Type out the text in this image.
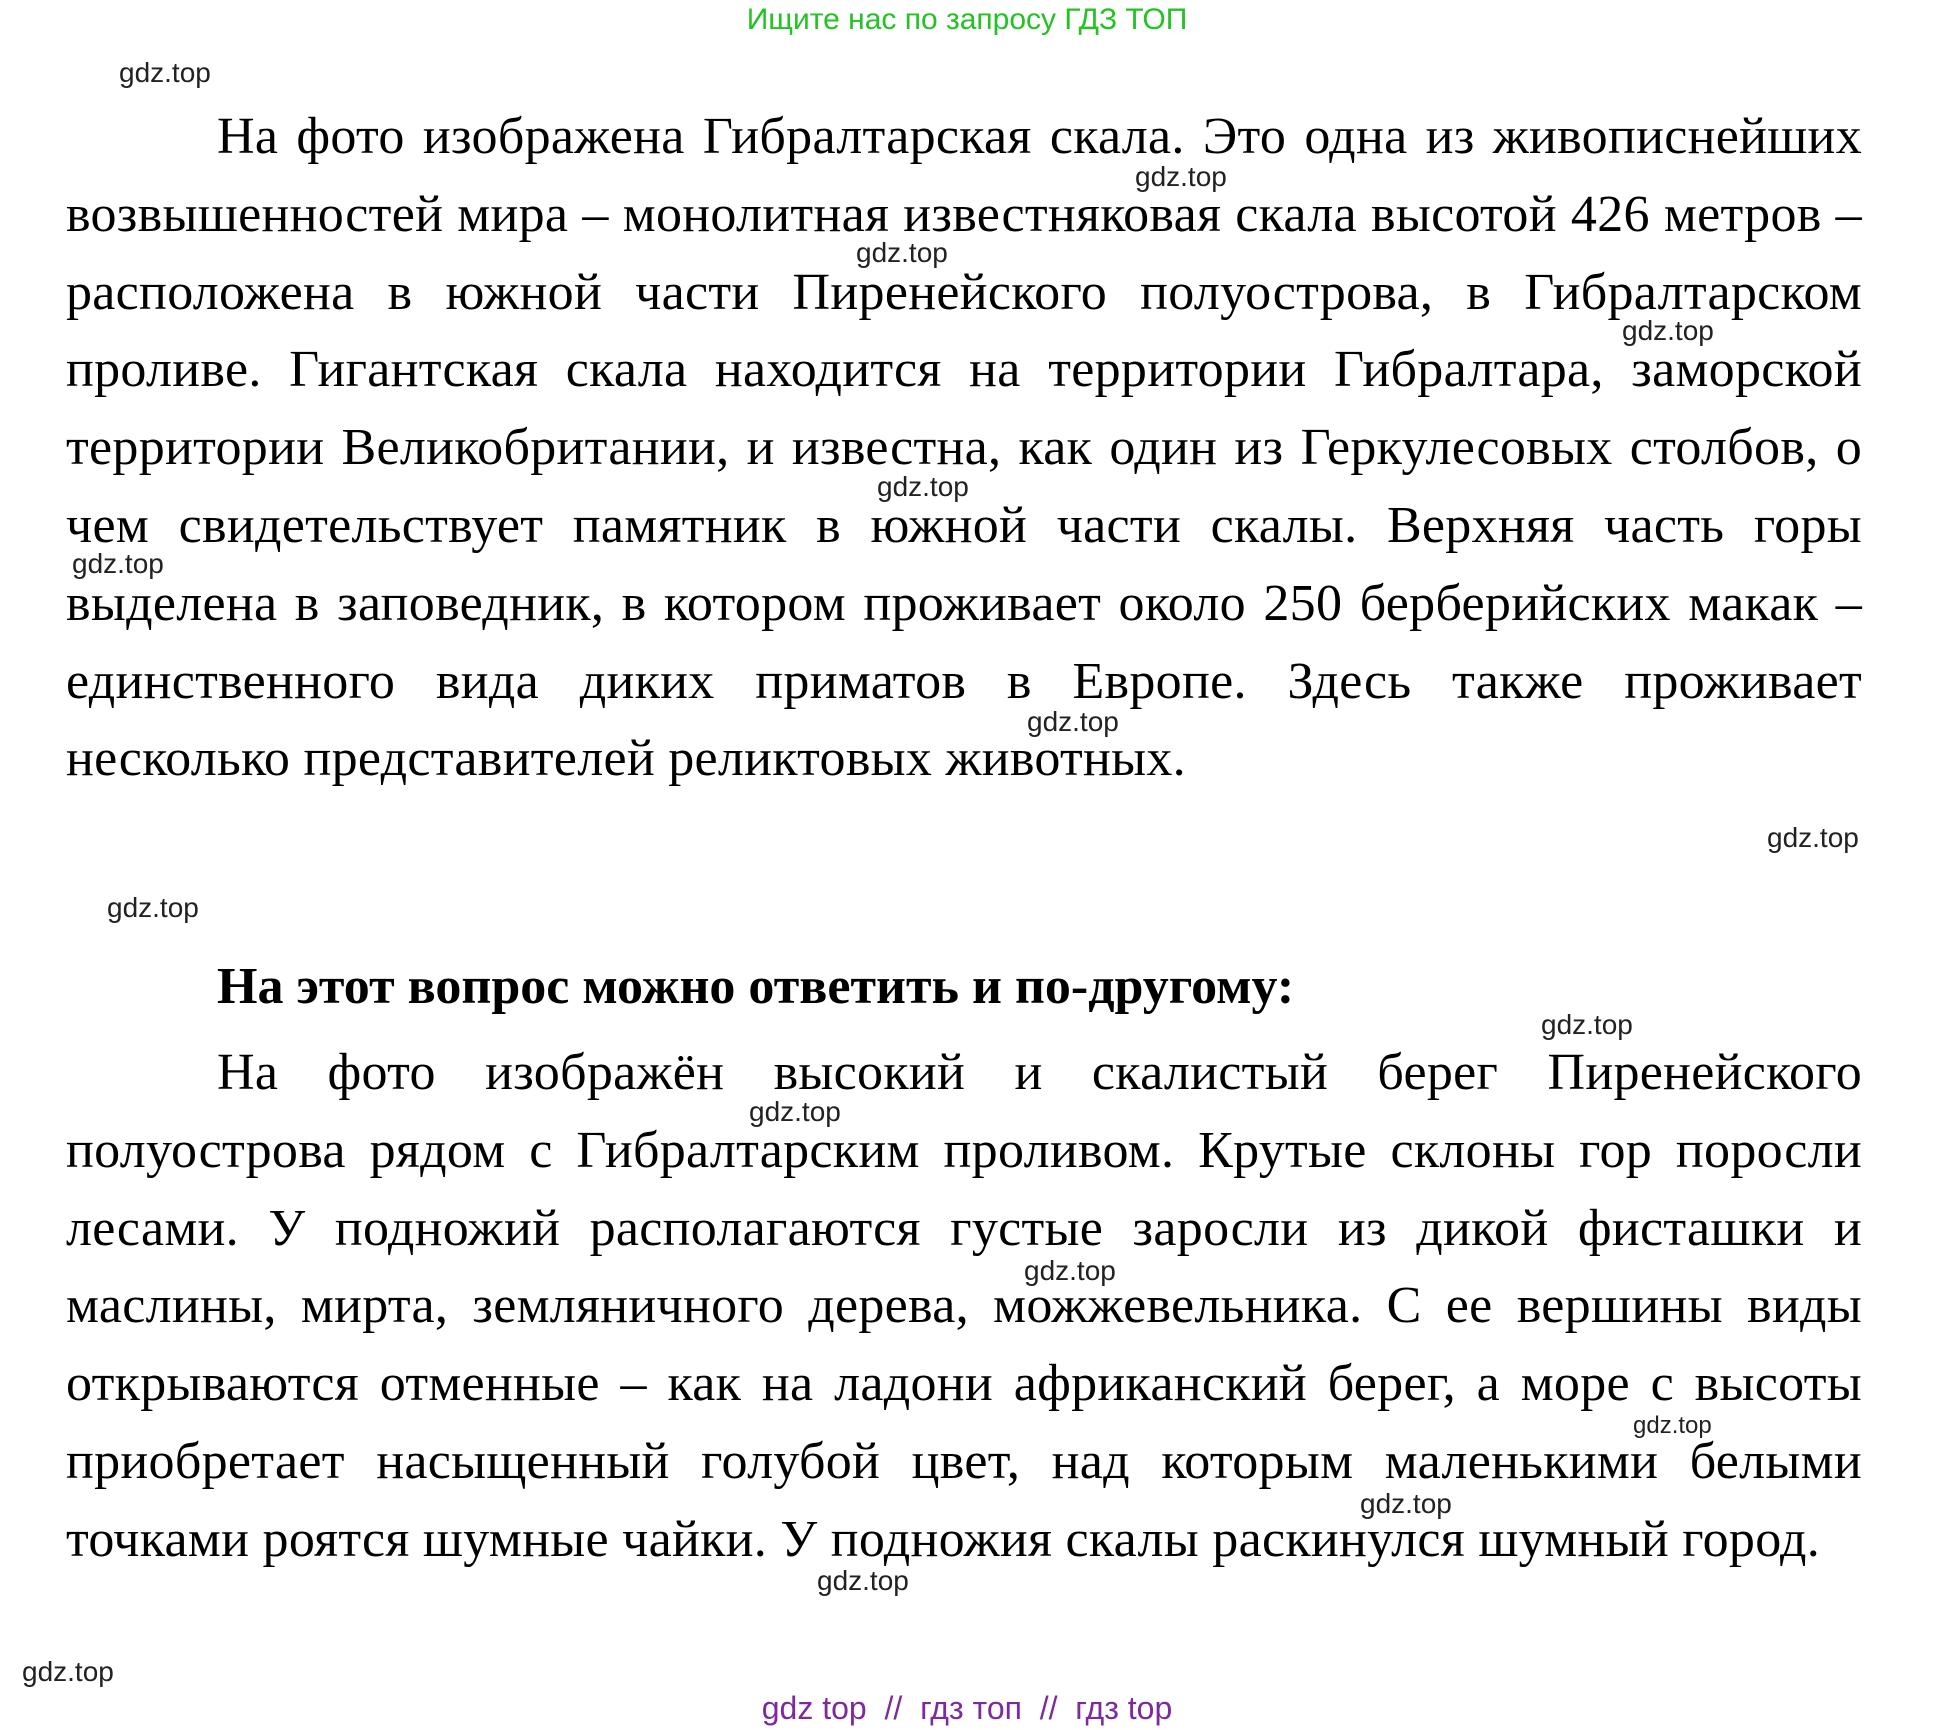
Ищите нас по запросу ГДЗ ТОП

На фото изображена Гибралтарская скала. Это одна из живописнейших возвышенностей мира – монолитная известняковая скала высотой 426 метров – расположена в южной части Пиренейского полуострова, в Гибралтарском проливе. Гигантская скала находится на территории Гибралтара, заморской территории Великобритании, и известна, как один из Геркулесовых столбов, о чем свидетельствует памятник в южной части скалы. Верхняя часть горы выделена в заповедник, в котором проживает около 250 берберийских макак – единственного вида диких приматов в Европе. Здесь также проживает несколько представителей реликтовых животных.

На этот вопрос можно ответить и по-другому:

На фото изображён высокий и скалистый берег Пиренейского полуострова рядом с Гибралтарским проливом. Крутые склоны гор поросли лесами. У подножий располагаются густые заросли из дикой фисташки и маслины, мирта, земляничного дерева, можжевельника. С ее вершины виды открываются отменные – как на ладони африканский берег, а море с высоты приобретает насыщенный голубой цвет, над которым маленькими белыми точками роятся шумные чайки. У подножия скалы раскинулся шумный город.

gdz.top
gdz.top
gdz.top
gdz.top
gdz.top
gdz.top
gdz.top
gdz.top
gdz.top
gdz.top
gdz.top
gdz.top
gdz.top
gdz.top
gdz.top
gdz.top
gdz top  //  гдз топ  //  гдз top
